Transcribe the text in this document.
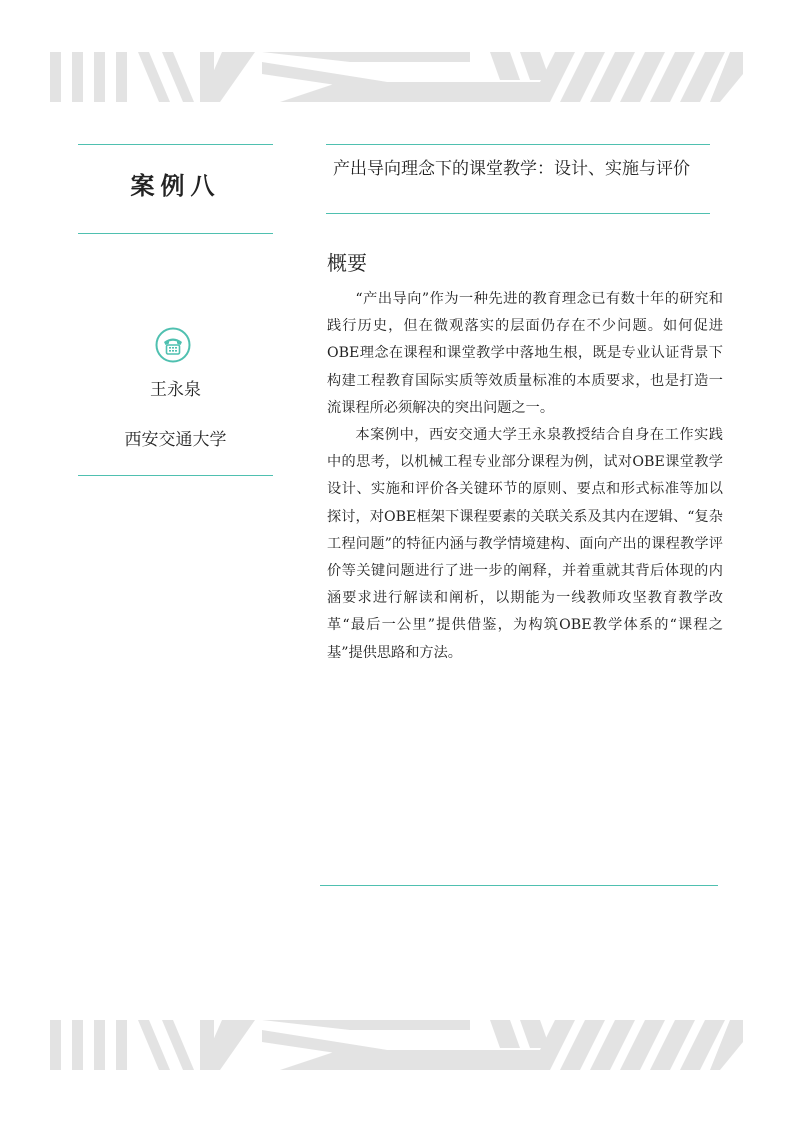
案例八
产出导向理念下的课堂教学：设计、实施与评价
概要
王永泉
西安交通大学

“产出导向”作为一种先进的教育理念已有数十年的研究和践行历史，但在微观落实的层面仍存在不少问题。如何促进OBE理念在课程和课堂教学中落地生根，既是专业认证背景下构建工程教育国际实质等效质量标准的本质要求，也是打造一流课程所必须解决的突出问题之一。

本案例中，西安交通大学王永泉教授结合自身在工作实践中的思考，以机械工程专业部分课程为例，试对OBE课堂教学设计、实施和评价各关键环节的原则、要点和形式标准等加以探讨，对OBE框架下课程要素的关联关系及其内在逻辑、“复杂工程问题”的特征内涵与教学情境建构、面向产出的课程教学评价等关键问题进行了进一步的阐释，并着重就其背后体现的内涵要求进行解读和阐析，以期能为一线教师攻坚教育教学改革“最后一公里”提供借鉴，为构筑OBE教学体系的“课程之基”提供思路和方法。
